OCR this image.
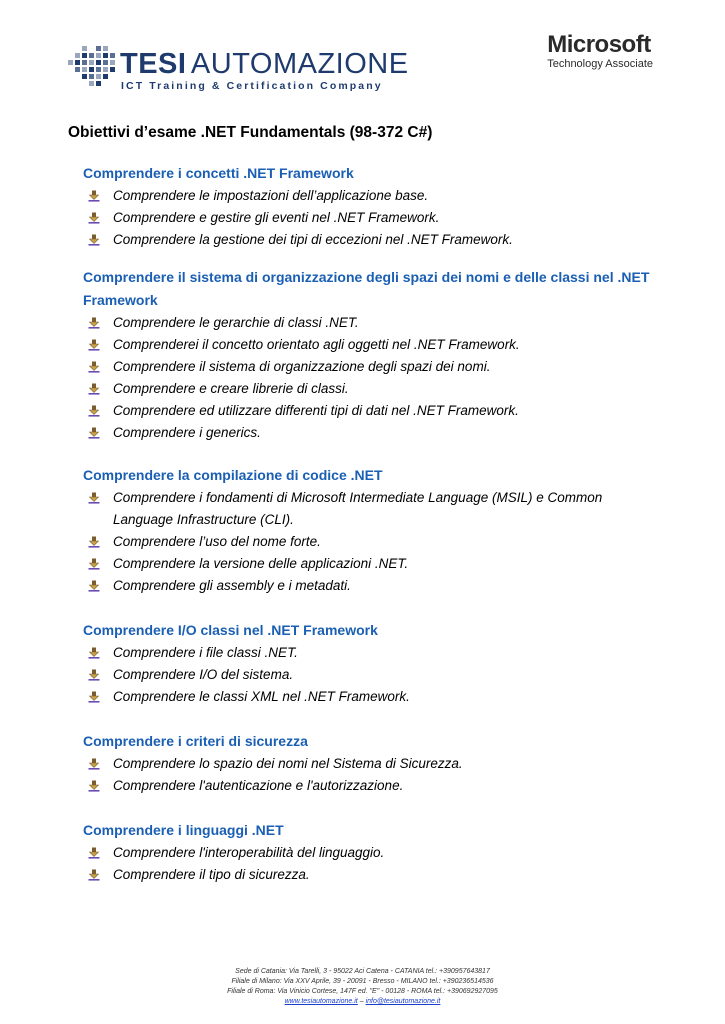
TESI AUTOMAZIONE
ICT Training & Certification Company
Microsoft
Technology Associate
Obiettivi d’esame .NET Fundamentals (98-372 C#)
Comprendere i concetti .NET Framework
Comprendere le impostazioni dell’applicazione base.
Comprendere e gestire gli eventi nel .NET Framework.
Comprendere la gestione dei tipi di eccezioni nel .NET Framework.
Comprendere il sistema di organizzazione degli spazi dei nomi e delle classi nel .NET Framework
Comprendere le gerarchie di classi .NET.
Comprenderei il concetto orientato agli oggetti nel .NET Framework.
Comprendere il sistema di organizzazione degli spazi dei nomi.
Comprendere e creare librerie di classi.
Comprendere ed utilizzare differenti tipi di dati nel .NET Framework.
Comprendere i generics.
Comprendere la compilazione di codice .NET
Comprendere i fondamenti di Microsoft Intermediate Language (MSIL) e Common Language Infrastructure (CLI).
Comprendere l’uso del nome forte.
Comprendere la versione delle applicazioni .NET.
Comprendere gli assembly e i metadati.
Comprendere I/O classi nel .NET Framework
Comprendere i file classi .NET.
Comprendere I/O del sistema.
Comprendere le classi XML nel .NET Framework.
Comprendere i criteri di sicurezza
Comprendere lo spazio dei nomi nel Sistema di Sicurezza.
Comprendere l'autenticazione e l'autorizzazione.
Comprendere i linguaggi .NET
Comprendere l'interoperabilità del linguaggio.
Comprendere il tipo di sicurezza.
Sede di Catania: Via Tarelli, 3 - 95022 Aci Catena - CATANIA tel.: +390957643817
Filiale di Milano: Via XXV Aprile, 39 - 20091 - Bresso - MILANO tel.: +390236514536
Filiale di Roma: Via Vinicio Cortese, 147F ed. "E" - 00128 - ROMA tel.: +390692927095
www.tesiautomazione.it – info@tesiautomazione.it
